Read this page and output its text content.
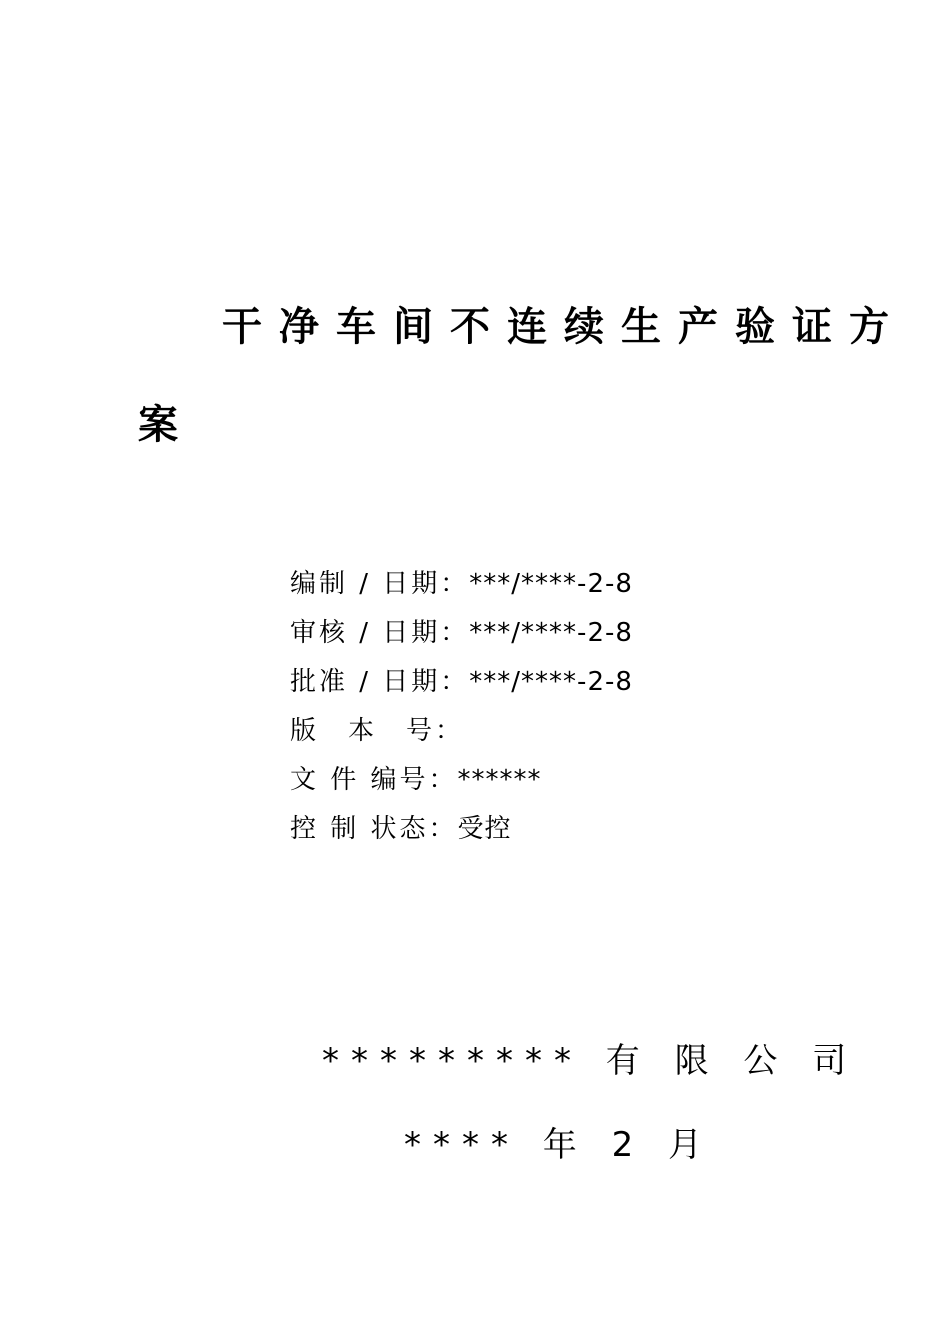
干净车间不连续生产验证方
案
编制 / 日期：***/****-2-8
审核 / 日期：***/****-2-8
批准 / 日期：***/****-2-8
版　本　号：
文 件 编号：******
控 制 状态：受控
********* 有 限 公 司
**** 年 2 月
